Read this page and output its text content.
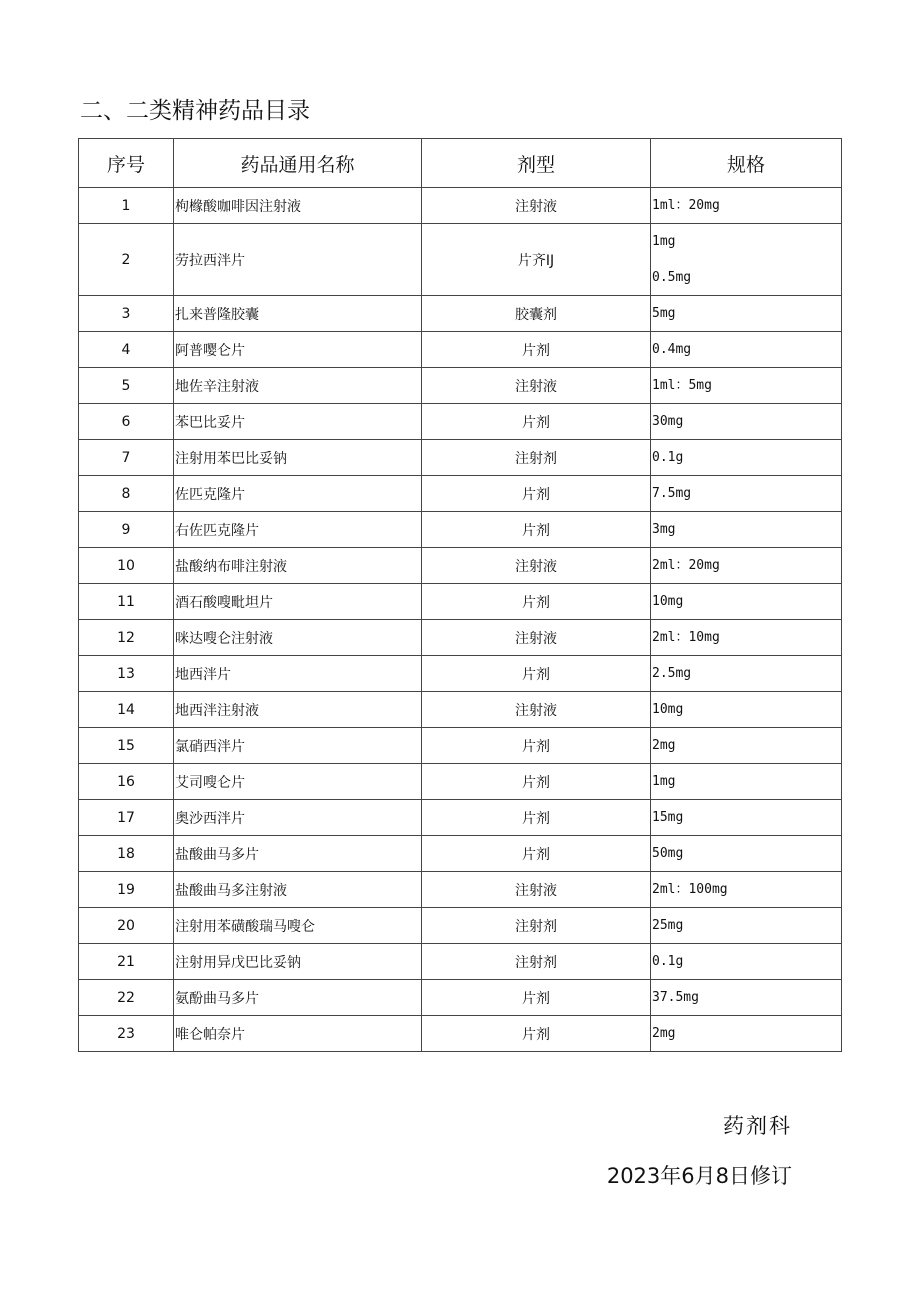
二、二类精神药品目录
序号	药品通用名称	剂型	规格
1	枸橼酸咖啡因注射液	注射液	1ml：20mg

2	劳拉西泮片	片齐IJ	1mg
0.5mg

3	扎来普隆胶囊	胶囊剂	5mg

4	阿普嘤仑片	片剂	0.4mg

5	地佐辛注射液	注射液	1ml：5mg

6	苯巴比妥片	片剂	30mg

7	注射用苯巴比妥钠	注射剂	0.1g

8	佐匹克隆片	片剂	7.5mg

9	右佐匹克隆片	片剂	3mg

10	盐酸纳布啡注射液	注射液	2ml：20mg

11	酒石酸嗖毗坦片	片剂	10mg

12	咪达嗖仑注射液	注射液	2ml：10mg

13	地西泮片	片剂	2.5mg

14	地西泮注射液	注射液	10mg

15	氯硝西泮片	片剂	2mg

16	艾司嗖仑片	片剂	1mg

17	奥沙西泮片	片剂	15mg

18	盐酸曲马多片	片剂	50mg

19	盐酸曲马多注射液	注射液	2ml：100mg

20	注射用苯磺酸瑞马嗖仑	注射剂	25mg

21	注射用异戊巴比妥钠	注射剂	0.1g

22	氨酚曲马多片	片剂	37.5mg

23	唯仑帕奈片	片剂	2mg
药剂科
2023年6月8日修订
